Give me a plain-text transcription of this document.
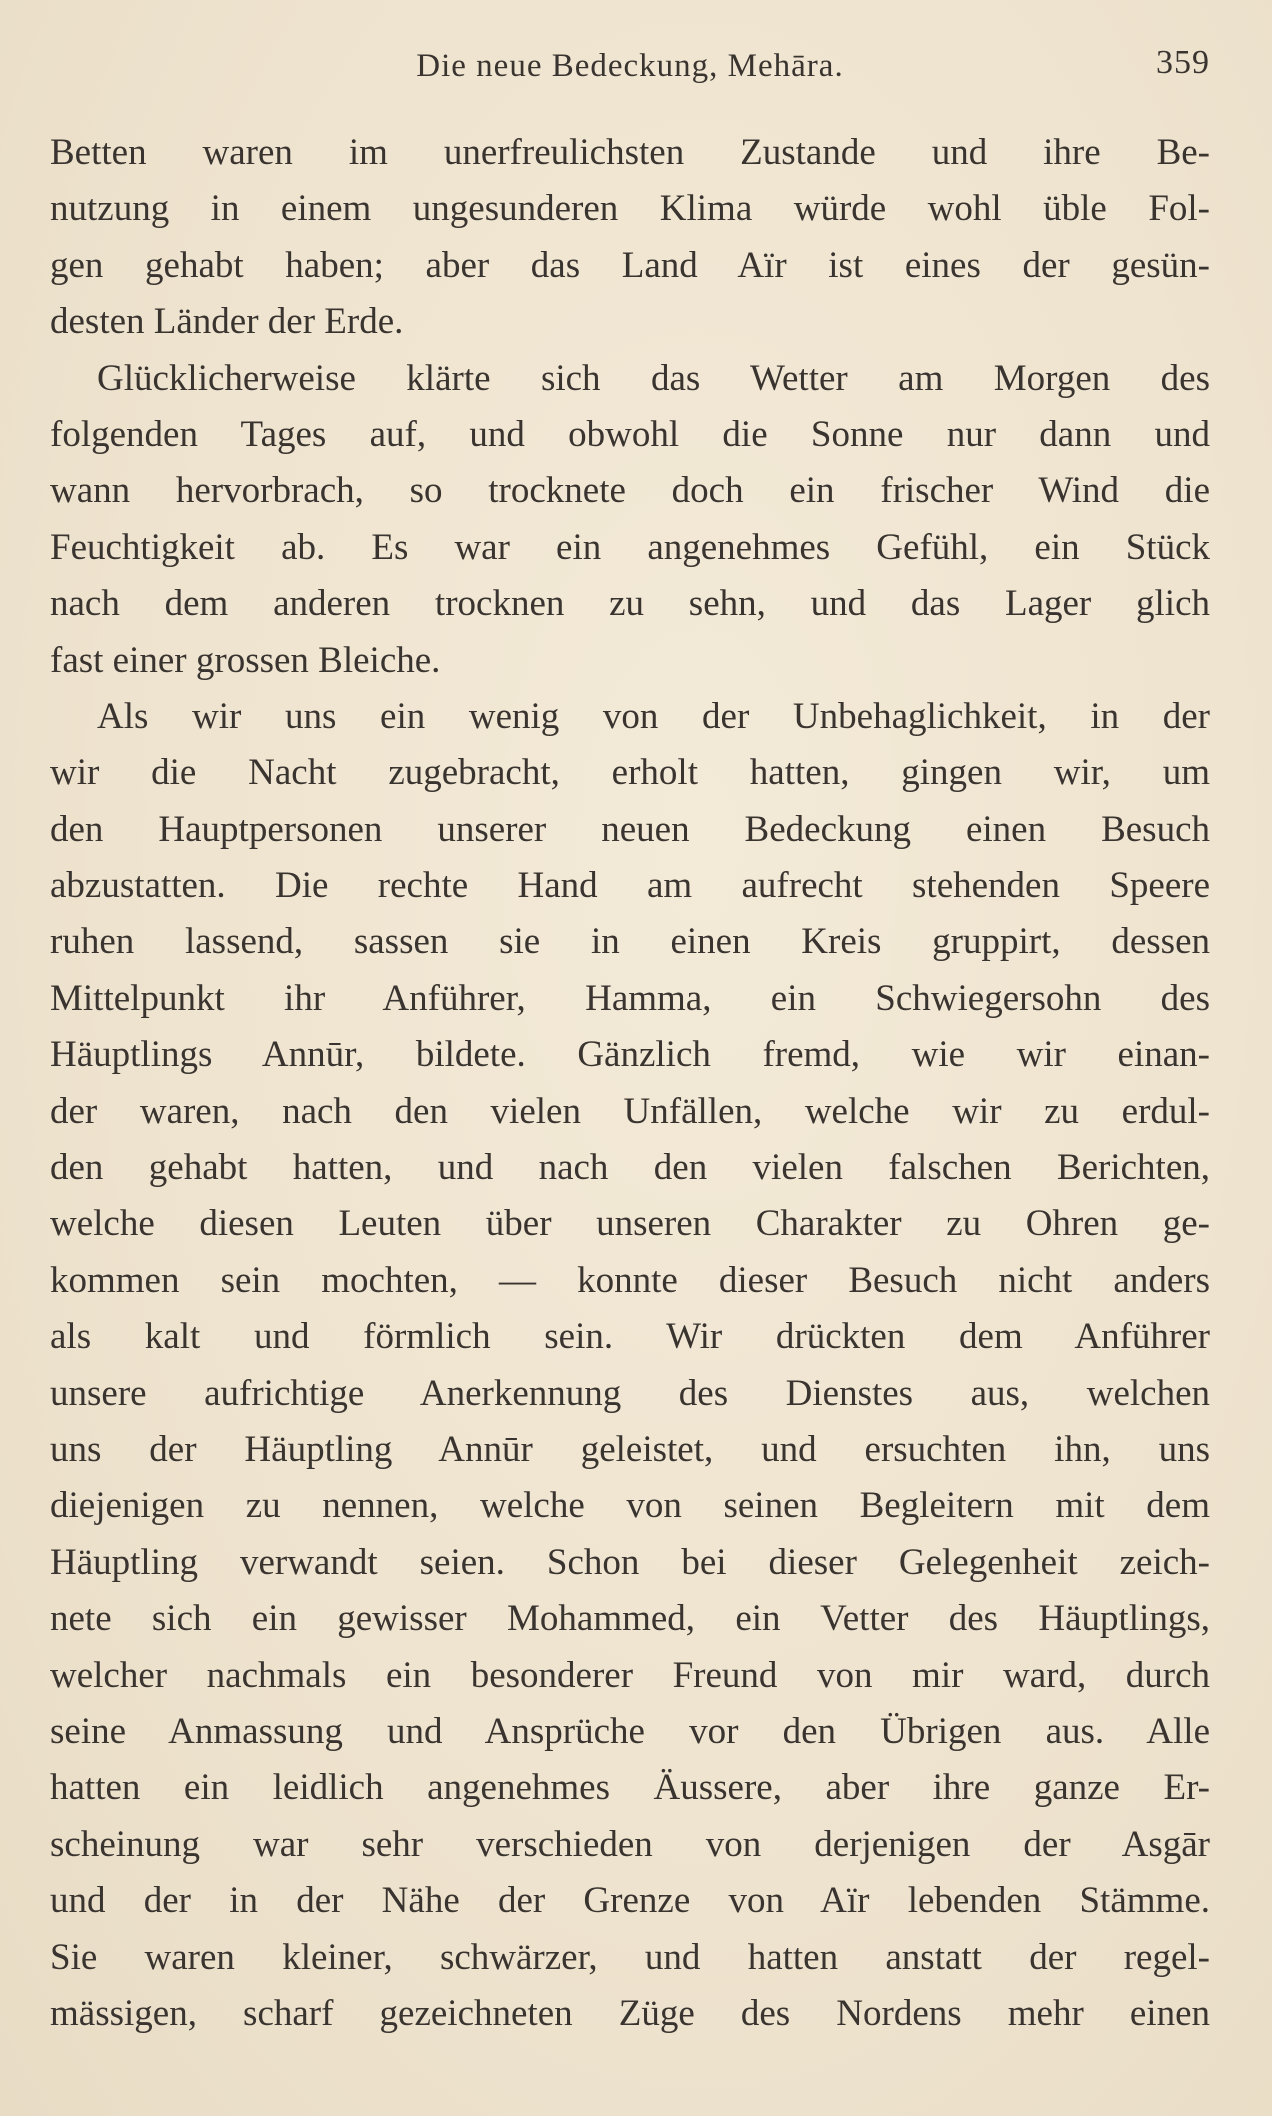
Die neue Bedeckung, Mehāra.	359
Betten waren im unerfreulichsten Zustande und ihre Be-
nutzung in einem ungesunderen Klima würde wohl üble Fol-
gen gehabt haben; aber das Land Aïr ist eines der gesün-
desten Länder der Erde.
Glücklicherweise klärte sich das Wetter am Morgen des
folgenden Tages auf, und obwohl die Sonne nur dann und
wann hervorbrach, so trocknete doch ein frischer Wind die
Feuchtigkeit ab. Es war ein angenehmes Gefühl, ein Stück
nach dem anderen trocknen zu sehn, und das Lager glich
fast einer grossen Bleiche.
Als wir uns ein wenig von der Unbehaglichkeit, in der
wir die Nacht zugebracht, erholt hatten, gingen wir, um
den Hauptpersonen unserer neuen Bedeckung einen Besuch
abzustatten. Die rechte Hand am aufrecht stehenden Speere
ruhen lassend, sassen sie in einen Kreis gruppirt, dessen
Mittelpunkt ihr Anführer, Hamma, ein Schwiegersohn des
Häuptlings Annūr, bildete. Gänzlich fremd, wie wir einan-
der waren, nach den vielen Unfällen, welche wir zu erdul-
den gehabt hatten, und nach den vielen falschen Berichten,
welche diesen Leuten über unseren Charakter zu Ohren ge-
kommen sein mochten, — konnte dieser Besuch nicht anders
als kalt und förmlich sein. Wir drückten dem Anführer
unsere aufrichtige Anerkennung des Dienstes aus, welchen
uns der Häuptling Annūr geleistet, und ersuchten ihn, uns
diejenigen zu nennen, welche von seinen Begleitern mit dem
Häuptling verwandt seien. Schon bei dieser Gelegenheit zeich-
nete sich ein gewisser Mohammed, ein Vetter des Häuptlings,
welcher nachmals ein besonderer Freund von mir ward, durch
seine Anmassung und Ansprüche vor den Übrigen aus. Alle
hatten ein leidlich angenehmes Äussere, aber ihre ganze Er-
scheinung war sehr verschieden von derjenigen der Asgār
und der in der Nähe der Grenze von Aïr lebenden Stämme.
Sie waren kleiner, schwärzer, und hatten anstatt der regel-
mässigen, scharf gezeichneten Züge des Nordens mehr einen
